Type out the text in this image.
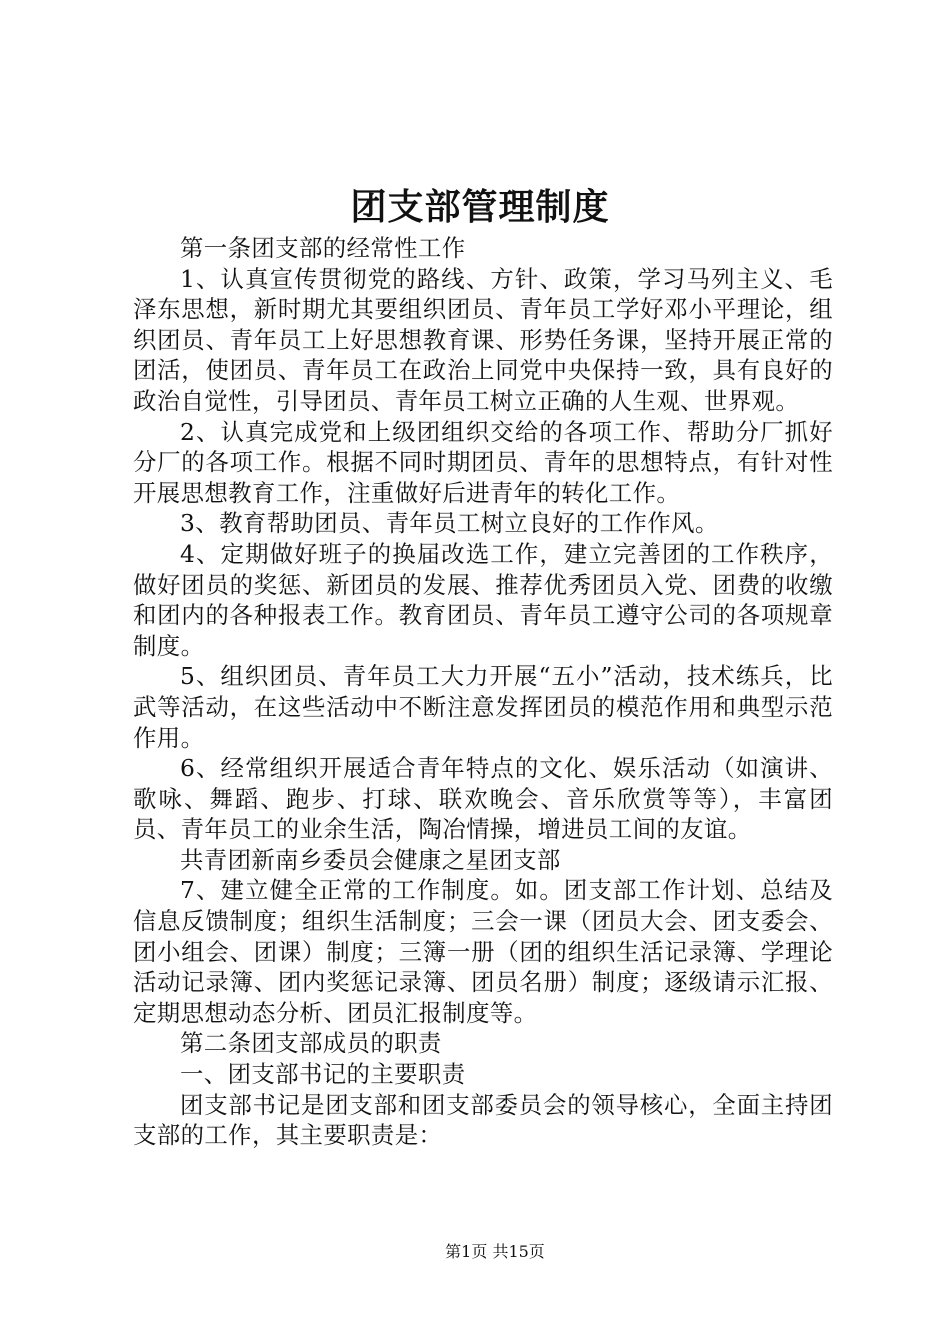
团支部管理制度

第一条团支部的经常性工作

1、认真宣传贯彻党的路线、方针、政策，学习马列主义、毛泽东思想，新时期尤其要组织团员、青年员工学好邓小平理论，组织团员、青年员工上好思想教育课、形势任务课，坚持开展正常的团活，使团员、青年员工在政治上同党中央保持一致，具有良好的政治自觉性，引导团员、青年员工树立正确的人生观、世界观。

2、认真完成党和上级团组织交给的各项工作、帮助分厂抓好分厂的各项工作。根据不同时期团员、青年的思想特点，有针对性开展思想教育工作，注重做好后进青年的转化工作。

3、教育帮助团员、青年员工树立良好的工作作风。

4、定期做好班子的换届改选工作，建立完善团的工作秩序，做好团员的奖惩、新团员的发展、推荐优秀团员入党、团费的收缴和团内的各种报表工作。教育团员、青年员工遵守公司的各项规章制度。

5、组织团员、青年员工大力开展“五小”活动，技术练兵，比武等活动，在这些活动中不断注意发挥团员的模范作用和典型示范作用。

6、经常组织开展适合青年特点的文化、娱乐活动（如演讲、歌咏、舞蹈、跑步、打球、联欢晚会、音乐欣赏等等），丰富团员、青年员工的业余生活，陶冶情操，增进员工间的友谊。

共青团新南乡委员会健康之星团支部

7、建立健全正常的工作制度。如。团支部工作计划、总结及信息反馈制度；组织生活制度；三会一课（团员大会、团支委会、团小组会、团课）制度；三簿一册（团的组织生活记录簿、学理论活动记录簿、团内奖惩记录簿、团员名册）制度；逐级请示汇报、定期思想动态分析、团员汇报制度等。

第二条团支部成员的职责

一、团支部书记的主要职责

团支部书记是团支部和团支部委员会的领导核心，全面主持团支部的工作，其主要职责是：

第1页 共15页
